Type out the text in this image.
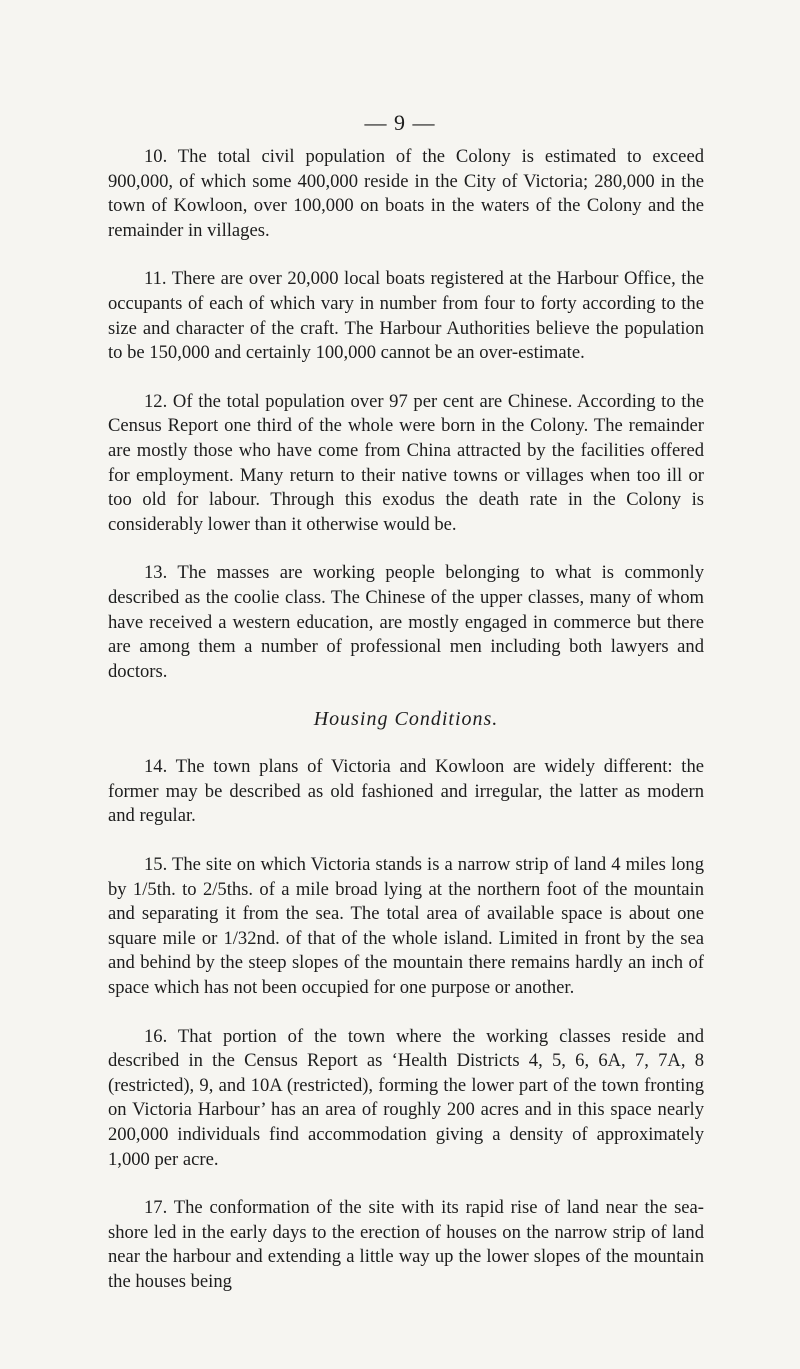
— 9 —

10. The total civil population of the Colony is estimated to exceed 900,000, of which some 400,000 reside in the City of Victoria; 280,000 in the town of Kowloon, over 100,000 on boats in the waters of the Colony and the remainder in villages.

11. There are over 20,000 local boats registered at the Harbour Office, the occupants of each of which vary in number from four to forty according to the size and character of the craft. The Harbour Authorities believe the population to be 150,000 and certainly 100,000 cannot be an over-estimate.

12. Of the total population over 97 per cent are Chinese. According to the Census Report one third of the whole were born in the Colony. The remainder are mostly those who have come from China attracted by the facilities offered for employment. Many return to their native towns or villages when too ill or too old for labour. Through this exodus the death rate in the Colony is considerably lower than it otherwise would be.

13. The masses are working people belonging to what is commonly described as the coolie class. The Chinese of the upper classes, many of whom have received a western education, are mostly engaged in commerce but there are among them a number of professional men including both lawyers and doctors.

Housing Conditions.

14. The town plans of Victoria and Kowloon are widely different: the former may be described as old fashioned and irregular, the latter as modern and regular.

15. The site on which Victoria stands is a narrow strip of land 4 miles long by 1/5th. to 2/5ths. of a mile broad lying at the northern foot of the mountain and separating it from the sea. The total area of available space is about one square mile or 1/32nd. of that of the whole island. Limited in front by the sea and behind by the steep slopes of the mountain there remains hardly an inch of space which has not been occupied for one purpose or another.

16. That portion of the town where the working classes reside and described in the Census Report as ‘Health Districts 4, 5, 6, 6A, 7, 7A, 8 (restricted), 9, and 10A (restricted), forming the lower part of the town fronting on Victoria Harbour’ has an area of roughly 200 acres and in this space nearly 200,000 individuals find accommodation giving a density of approximately 1,000 per acre.

17. The conformation of the site with its rapid rise of land near the sea-shore led in the early days to the erection of houses on the narrow strip of land near the harbour and extending a little way up the lower slopes of the mountain the houses being
